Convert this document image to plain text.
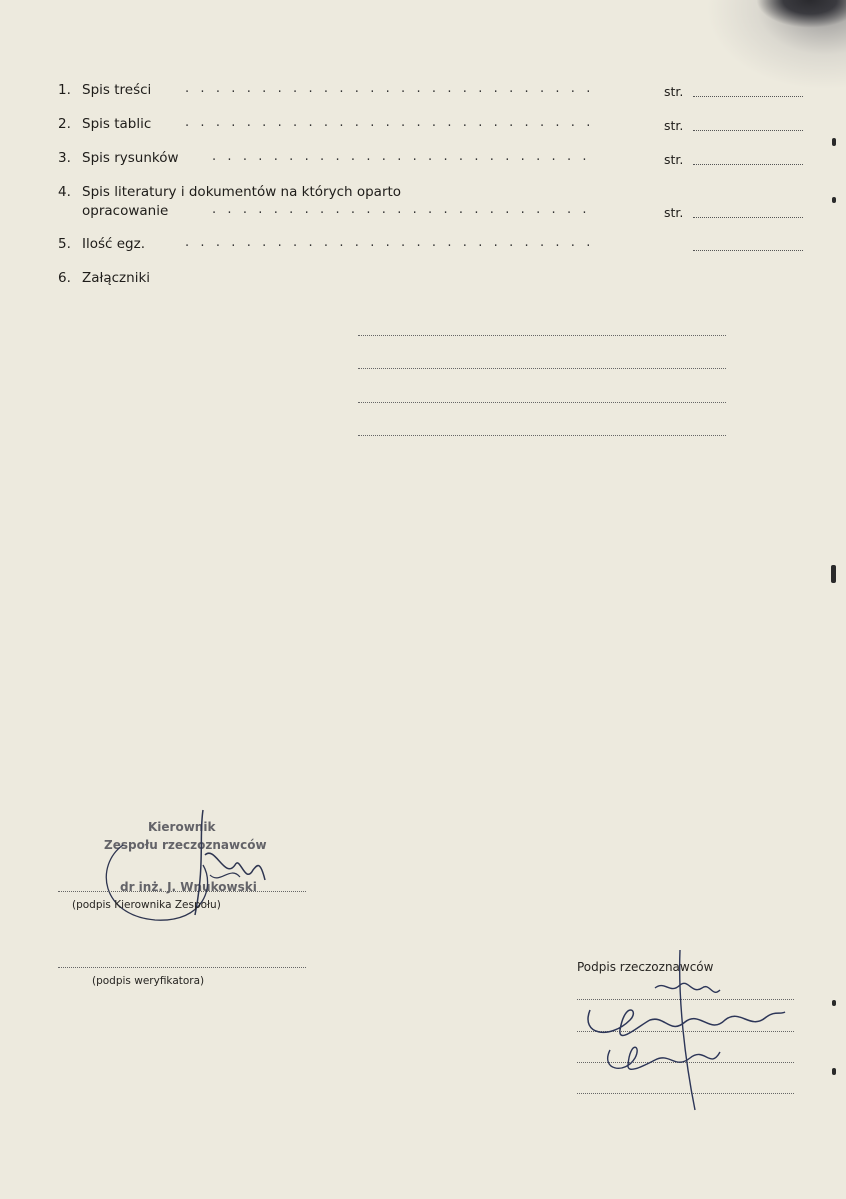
1. Spis treści	...........................	str.
2. Spis tablic	...........................	str.
3. Spis rysunków	.........................	str.
4. Spis literatury i dokumentów na których oparto
opracowanie	.........................	str.
5. Ilość egz.	...........................
6. Załączniki
Kierownik
Zespołu rzeczoznawców
dr inż. J. Wnukowski
(podpis Kierownika Zespołu)
(podpis weryfikatora)
Podpis rzeczoznawców
